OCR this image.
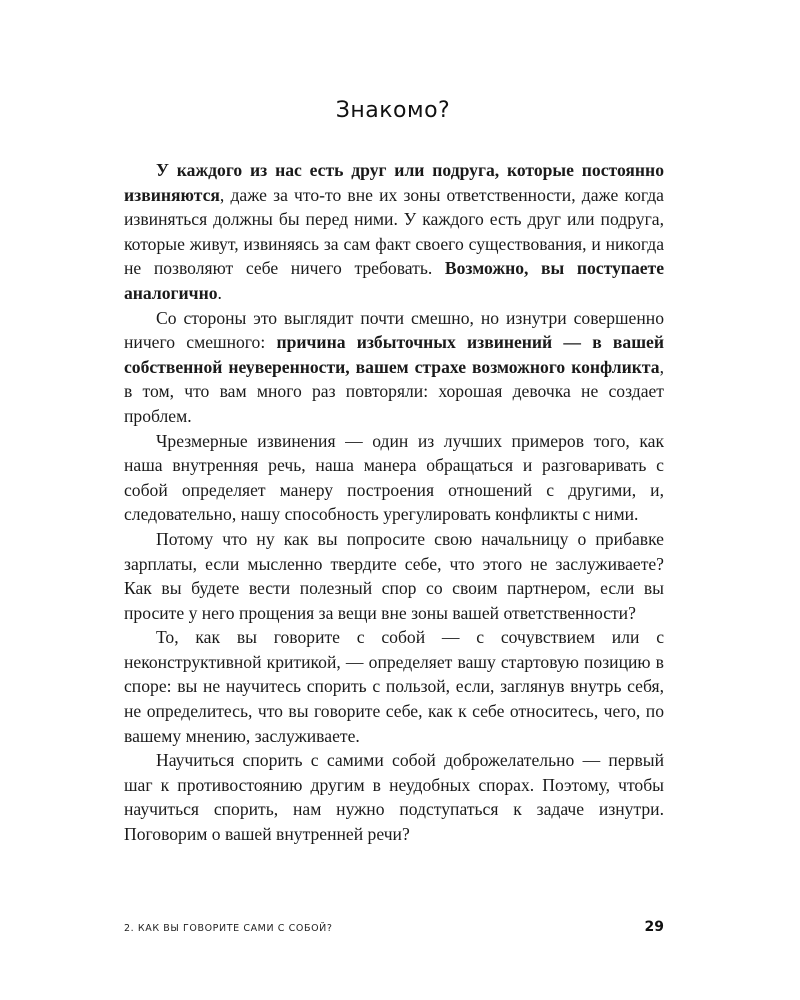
Знакомо?

У каждого из нас есть друг или подруга, которые постоянно извиняются, даже за что-то вне их зоны ответственности, даже когда извиняться должны бы перед ними. У каждого есть друг или подруга, которые живут, извиняясь за сам факт своего существования, и никогда не позволяют себе ничего требовать. Возможно, вы поступаете аналогично.

Со стороны это выглядит почти смешно, но изнутри совершенно ничего смешного: причина избыточных извинений — в вашей собственной неуверенности, вашем страхе возможного конфликта, в том, что вам много раз повторяли: хорошая девочка не создает проблем.

Чрезмерные извинения — один из лучших примеров того, как наша внутренняя речь, наша манера обращаться и разговаривать с собой определяет манеру построения отношений с другими, и, следовательно, нашу способность урегулировать конфликты с ними.

Потому что ну как вы попросите свою начальницу о прибавке зарплаты, если мысленно твердите себе, что этого не заслуживаете? Как вы будете вести полезный спор со своим партнером, если вы просите у него прощения за вещи вне зоны вашей ответственности?

То, как вы говорите с собой — с сочувствием или с неконструктивной критикой, — определяет вашу стартовую позицию в споре: вы не научитесь спорить с пользой, если, заглянув внутрь себя, не определитесь, что вы говорите себе, как к себе относитесь, чего, по вашему мнению, заслуживаете.

Научиться спорить с самими собой доброжелательно — первый шаг к противостоянию другим в неудобных спорах. Поэтому, чтобы научиться спорить, нам нужно подступаться к задаче изнутри. Поговорим о вашей внутренней речи?

2. КАК ВЫ ГОВОРИТЕ САМИ С СОБОЙ?	29
